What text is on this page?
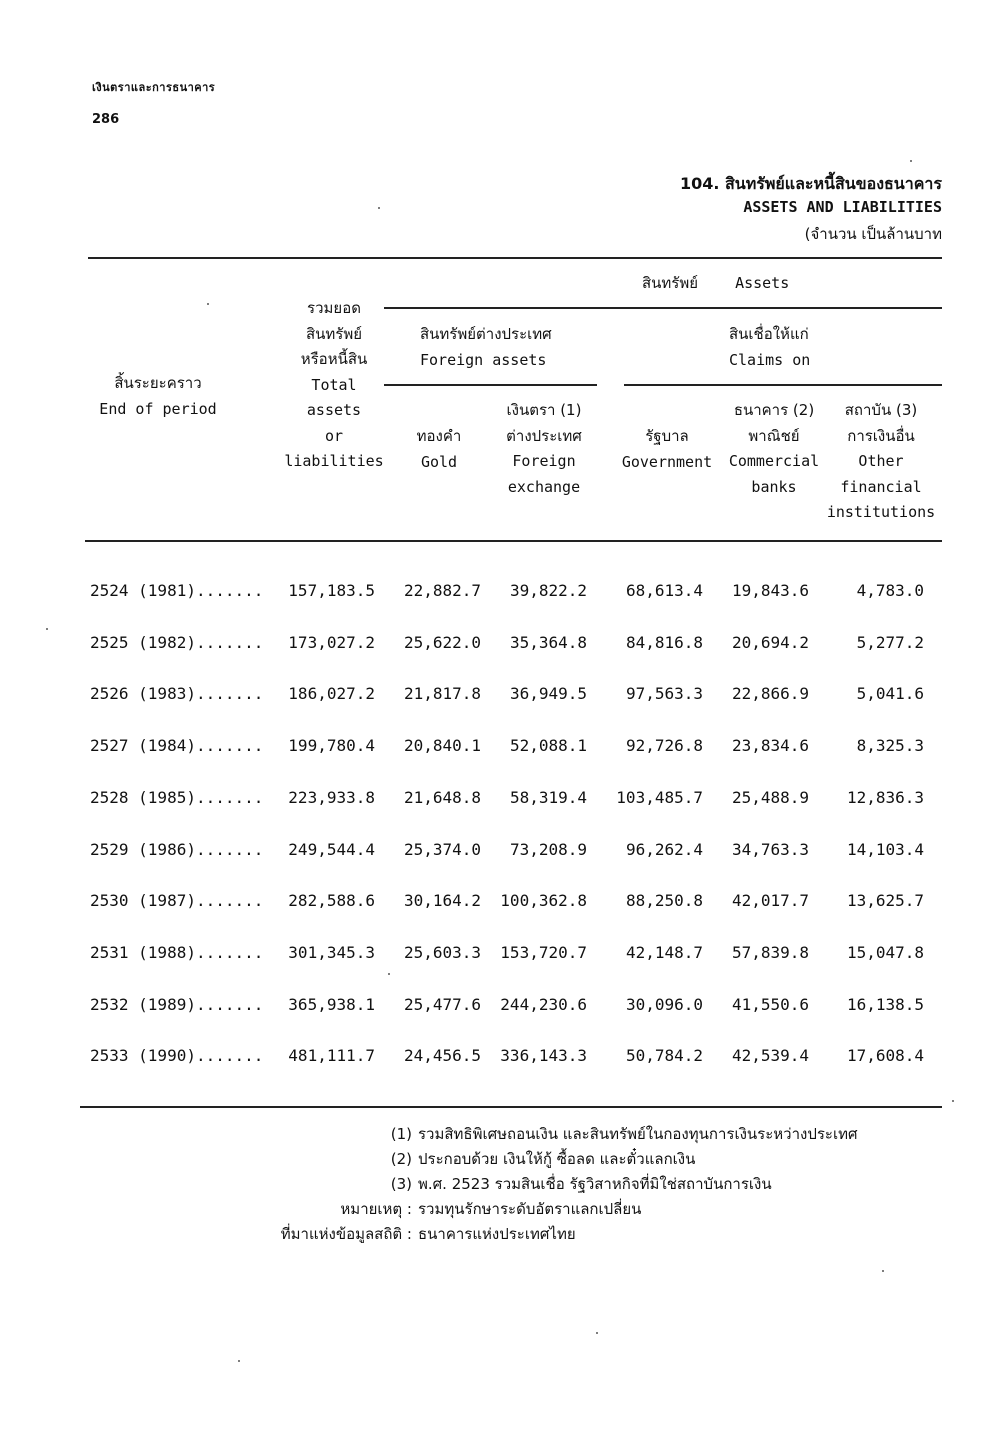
เงินตราและการธนาคาร
286
104. สินทรัพย์และหนี้สินของธนาคาร
ASSETS AND LIABILITIES
(จำนวน เป็นล้านบาท
สิ้นระยะคราว
End of period
รวมยอด
สินทรัพย์
หรือหนี้สิน
Total
assets
or
liabilities
สินทรัพย์ Assets
สินทรัพย์ต่างประเทศ
Foreign assets
สินเชื่อให้แก่
Claims on
ทองคำ
Gold
เงินตรา (1)
ต่างประเทศ
Foreign
exchange
รัฐบาล
Government
ธนาคาร (2)
พาณิชย์
Commercial
banks
สถาบัน (3)
การเงินอื่น
Other
financial
institutions
2524 (1981)....... 157,183.5 22,882.7 39,822.2 68,613.4 19,843.6	4,783.0
2525 (1982)....... 173,027.2 25,622.0 35,364.8 84,816.8 20,694.2	5,277.2
2526 (1983)....... 186,027.2 21,817.8 36,949.5 97,563.3 22,866.9	5,041.6
2527 (1984)....... 199,780.4 20,840.1 52,088.1 92,726.8 23,834.6	8,325.3
2528 (1985)....... 223,933.8 21,648.8 58,319.4 103,485.7 25,488.9 12,836.3
2529 (1986)....... 249,544.4 25,374.0 73,208.9 96,262.4 34,763.3 14,103.4
2530 (1987)....... 282,588.6 30,164.2 100,362.8 88,250.8 42,017.7 13,625.7
2531 (1988)....... 301,345.3 25,603.3 153,720.7 42,148.7 57,839.8 15,047.8
2532 (1989)....... 365,938.1 25,477.6 244,230.6 30,096.0 41,550.6 16,138.5
2533 (1990)....... 481,111.7 24,456.5 336,143.3 50,784.2 42,539.4 17,608.4
(1) รวมสิทธิพิเศษถอนเงิน และสินทรัพย์ในกองทุนการเงินระหว่างประเทศ
(2) ประกอบด้วย เงินให้กู้ ซื้อลด และตั๋วแลกเงิน
(3) พ.ศ. 2523 รวมสินเชื่อ รัฐวิสาหกิจที่มิใช่สถาบันการเงิน
หมายเหตุ : รวมทุนรักษาระดับอัตราแลกเปลี่ยน
ที่มาแห่งข้อมูลสถิติ : ธนาคารแห่งประเทศไทย
